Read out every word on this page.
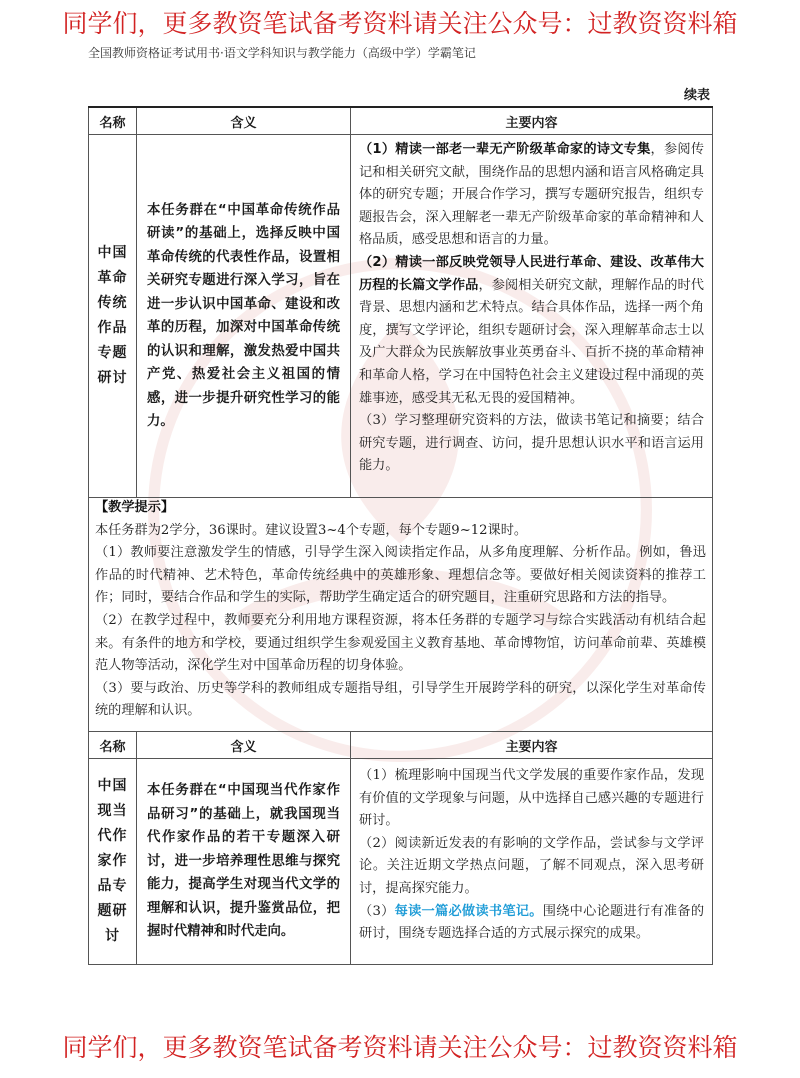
同学们，更多教资笔试备考资料请关注公众号：过教资资料箱
全国教师资格证考试用书·语文学科知识与教学能力（高级中学）学霸笔记
续表
名称	含义	主要内容
中国革命传统作品专题研讨	本任务群在“中国革命传统作品研读”的基础上，选择反映中国革命传统的代表性作品，设置相关研究专题进行深入学习，旨在进一步认识中国革命、建设和改革的历程，加深对中国革命传统的认识和理解，激发热爱中国共产党、热爱社会主义祖国的情感，进一步提升研究性学习的能力。	（1）精读一部老一辈无产阶级革命家的诗文专集，参阅传记和相关研究文献，围绕作品的思想内涵和语言风格确定具体的研究专题；开展合作学习，撰写专题研究报告，组织专题报告会，深入理解老一辈无产阶级革命家的革命精神和人格品质，感受思想和语言的力量。

（2）精读一部反映党领导人民进行革命、建设、改革伟大历程的长篇文学作品，参阅相关研究文献，理解作品的时代背景、思想内涵和艺术特点。结合具体作品，选择一两个角度，撰写文学评论，组织专题研讨会，深入理解革命志士以及广大群众为民族解放事业英勇奋斗、百折不挠的革命精神和革命人格，学习在中国特色社会主义建设过程中涌现的英雄事迹，感受其无私无畏的爱国精神。

（3）学习整理研究资料的方法，做读书笔记和摘要；结合研究专题，进行调查、访问，提升思想认识水平和语言运用能力。

【教学提示】

本任务群为2学分，36课时。建议设置3~4个专题，每个专题9~12课时。

（1）教师要注意激发学生的情感，引导学生深入阅读指定作品，从多角度理解、分析作品。例如，鲁迅作品的时代精神、艺术特色，革命传统经典中的英雄形象、理想信念等。要做好相关阅读资料的推荐工作；同时，要结合作品和学生的实际，帮助学生确定适合的研究题目，注重研究思路和方法的指导。

（2）在教学过程中，教师要充分利用地方课程资源，将本任务群的专题学习与综合实践活动有机结合起来。有条件的地方和学校，要通过组织学生参观爱国主义教育基地、革命博物馆，访问革命前辈、英雄模范人物等活动，深化学生对中国革命历程的切身体验。

（3）要与政治、历史等学科的教师组成专题指导组，引导学生开展跨学科的研究，以深化学生对革命传统的理解和认识。

名称	含义	主要内容
中国现当代作家作品专题研讨	本任务群在“中国现当代作家作品研习”的基础上，就我国现当代作家作品的若干专题深入研讨，进一步培养理性思维与探究能力，提高学生对现当代文学的理解和认识，提升鉴赏品位，把握时代精神和时代走向。	（1）梳理影响中国现当代文学发展的重要作家作品，发现有价值的文学现象与问题，从中选择自己感兴趣的专题进行研讨。

（2）阅读新近发表的有影响的文学作品，尝试参与文学评论。关注近期文学热点问题，了解不同观点，深入思考研讨，提高探究能力。

（3）每读一篇必做读书笔记。围绕中心论题进行有准备的研讨，围绕专题选择合适的方式展示探究的成果。

同学们，更多教资笔试备考资料请关注公众号：过教资资料箱
